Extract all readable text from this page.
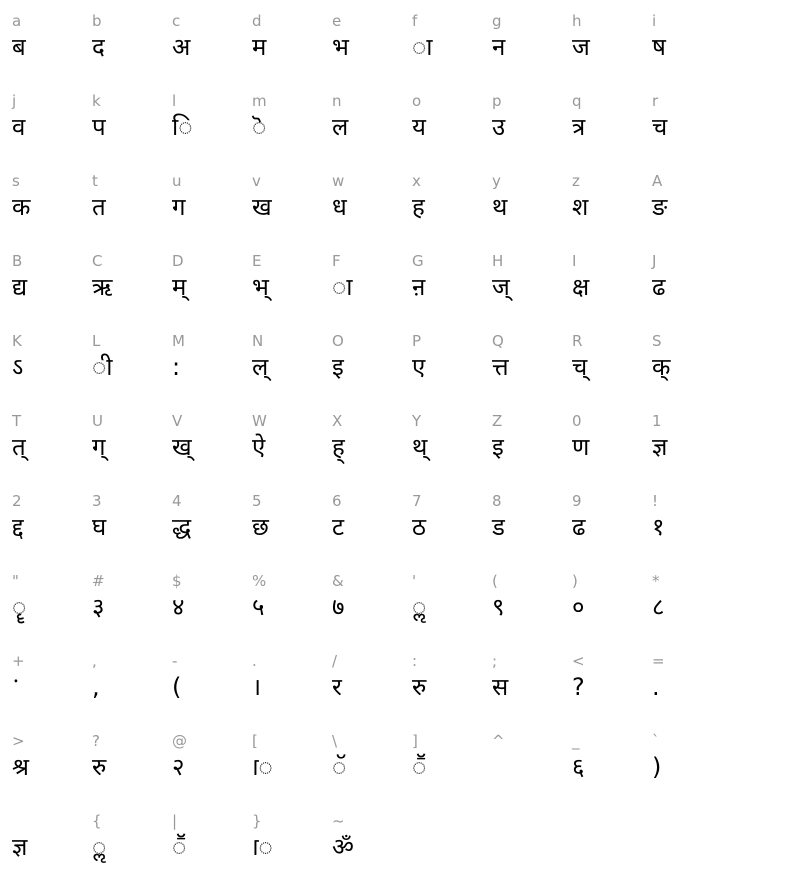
a
ब
b
द
c
अ
d
म
e
भ
f
ा
g
न
h
ज
i
ष
j
व
k
प
l
ि
m
ॆ
n
ल
o
य
p
उ
q
त्र
r
च
s
क
t
त
u
ग
v
ख
w
ध
x
ह
y
थ
z
श
A
ङ
B
द्य
C
ऋ
D
म्
E
भ्
F
ा
G
ऩ
H
ज्
I
क्ष
J
ढ
K
ऽ
L
ी
M
:
N
ल्
O
इ
P
ए
Q
त्त
R
च्
S
क्
T
त्
U
ग्
V
ख्
W
ऐ
X
ह्
Y
थ्
Z
इ
0
ण
1
ज्ञ
2
द्द
3
घ
4
द्ध
5
छ
6
ट
7
ठ
8
ड
9
ढ
!
१
"
ॄ
#
३
$
४
%
५
&
७
'
ॢ
(
९
)
०
*
८
+
ॱ
,
,
-
(
.
।
/
र
:
रु
;
स
<
?
=
.
>
श्र
?
रु
@
२
[
ॎ
\
ॅ
]
ॕ
^	_
६
`
)
ज्ञ
{
ॢ
|
ॕ
}
ॎ
~
ॐ
